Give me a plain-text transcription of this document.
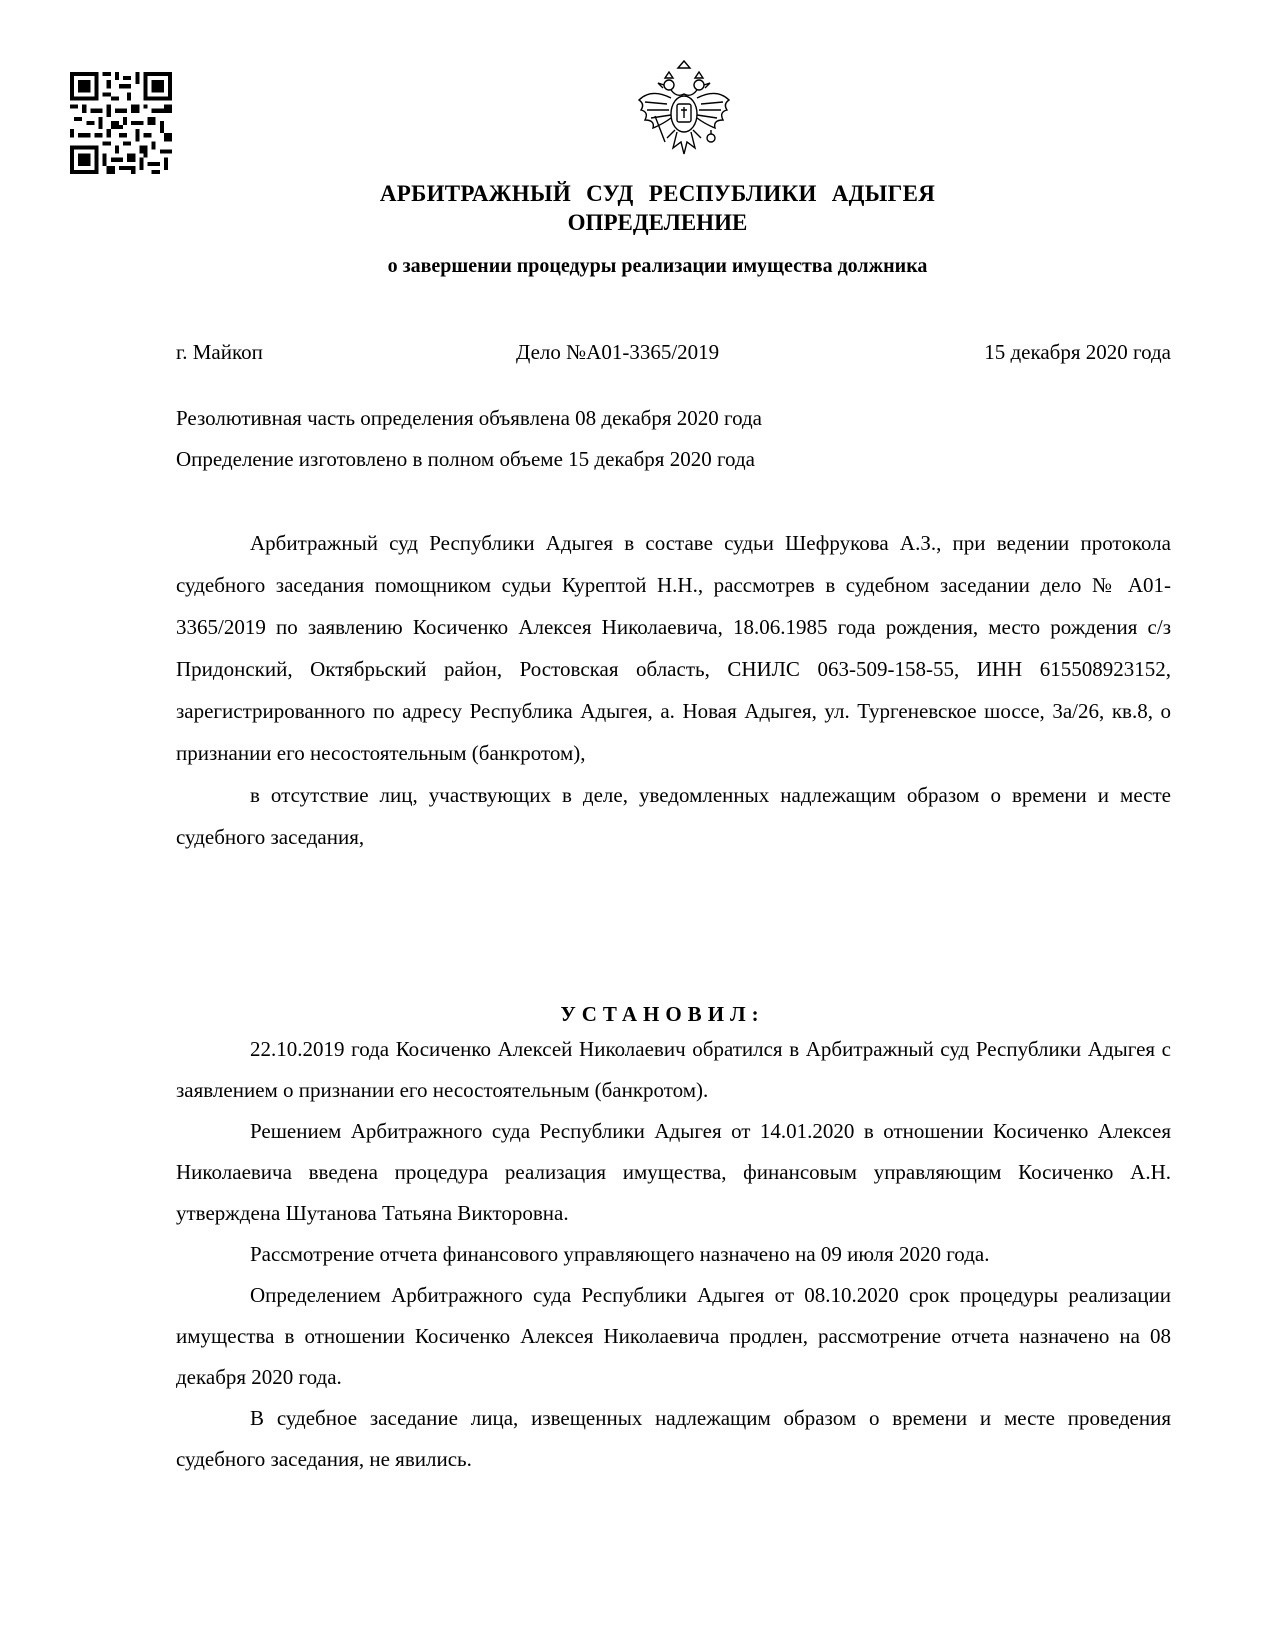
АРБИТРАЖНЫЙ СУД РЕСПУБЛИКИ АДЫГЕЯ
ОПРЕДЕЛЕНИЕ
о завершении процедуры реализации имущества должника
г. Майкоп	Дело №А01-3365/2019	15 декабря 2020 года

Резолютивная часть определения объявлена 08 декабря 2020 года

Определение изготовлено в полном объеме 15 декабря 2020 года

Арбитражный суд Республики Адыгея в составе судьи Шефрукова А.З., при ведении протокола судебного заседания помощником судьи Курептой Н.Н., рассмотрев в судебном заседании дело № А01-3365/2019 по заявлению Косиченко Алексея Николаевича, 18.06.1985 года рождения, место рождения с/з Придонский, Октябрьский район, Ростовская область, СНИЛС 063-509-158-55, ИНН 615508923152, зарегистрированного по адресу Республика Адыгея, а. Новая Адыгея, ул. Тургеневское шоссе, 3а/26, кв.8, о признании его несостоятельным (банкротом),

в отсутствие лиц, участвующих в деле, уведомленных надлежащим образом о времени и месте судебного заседания,

УСТАНОВИЛ:

22.10.2019 года Косиченко Алексей Николаевич обратился в Арбитражный суд Республики Адыгея с заявлением о признании его несостоятельным (банкротом).

Решением Арбитражного суда Республики Адыгея от 14.01.2020 в отношении Косиченко Алексея Николаевича введена процедура реализация имущества, финансовым управляющим Косиченко А.Н. утверждена Шутанова Татьяна Викторовна.

Рассмотрение отчета финансового управляющего назначено на 09 июля 2020 года.

Определением Арбитражного суда Республики Адыгея от 08.10.2020 срок процедуры реализации имущества в отношении Косиченко Алексея Николаевича продлен, рассмотрение отчета назначено на 08 декабря 2020 года.

В судебное заседание лица, извещенных надлежащим образом о времени и месте проведения судебного заседания, не явились.
